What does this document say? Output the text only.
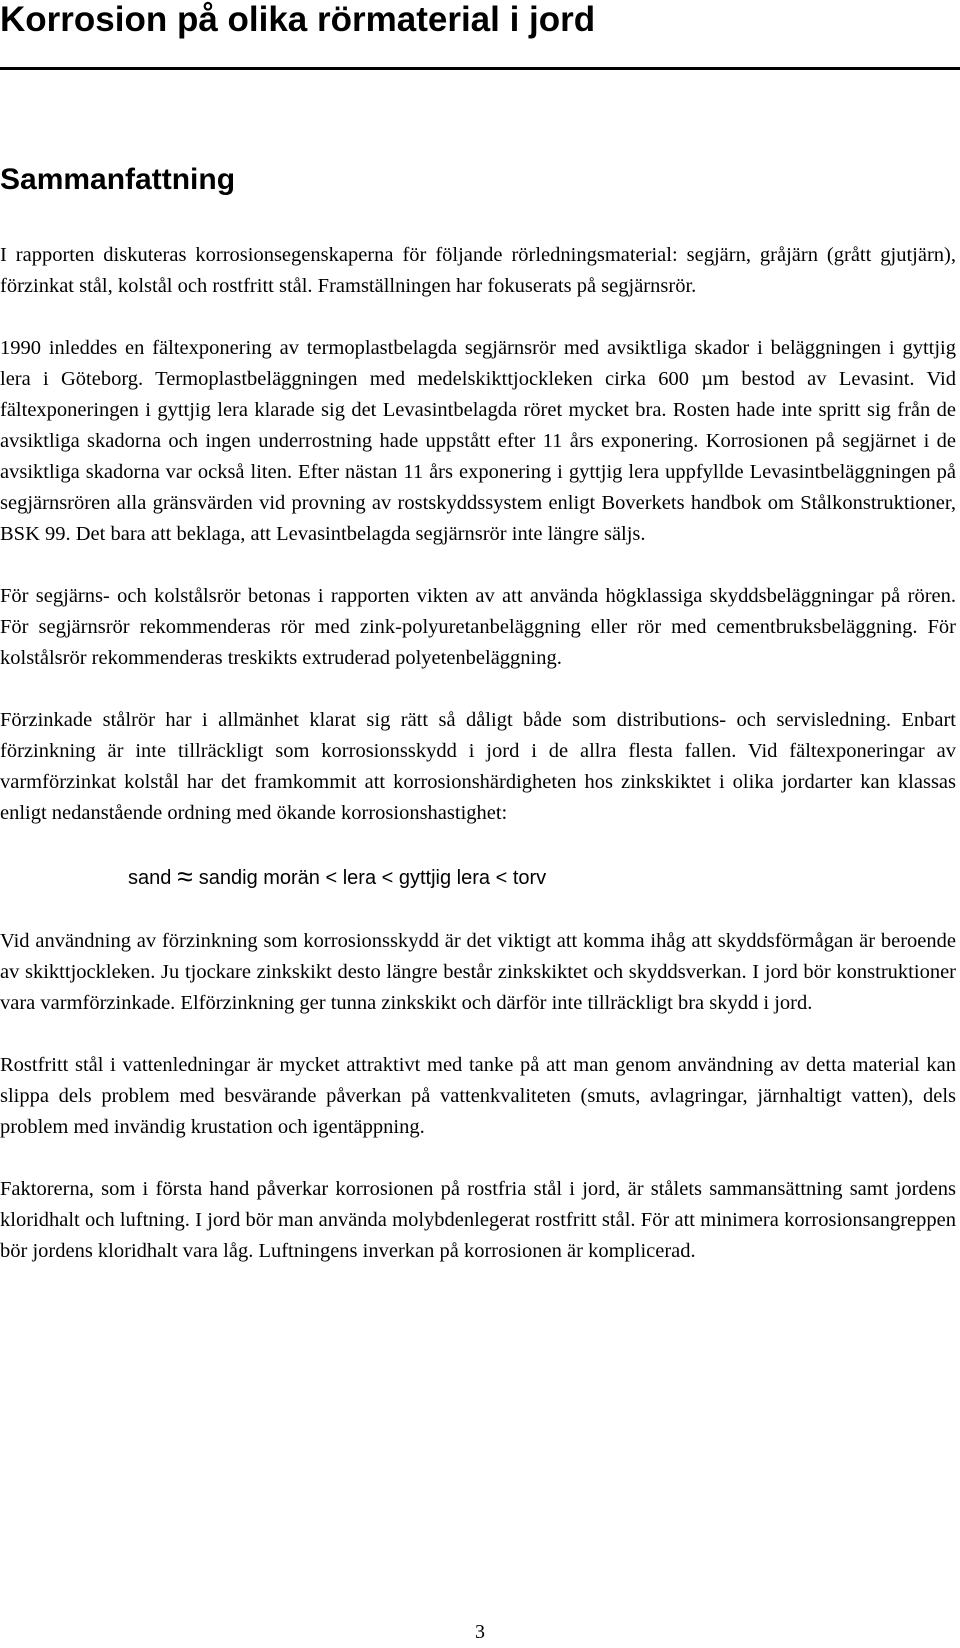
Korrosion på olika rörmaterial i jord
Sammanfattning

I rapporten diskuteras korrosionsegenskaperna för följande rörledningsmaterial: segjärn, gråjärn (grått gjutjärn), förzinkat stål, kolstål och rostfritt stål. Framställningen har fokuserats på segjärnsrör.

1990 inleddes en fältexponering av termoplastbelagda segjärnsrör med avsiktliga skador i beläggningen i gyttjig lera i Göteborg. Termoplastbeläggningen med medelskikttjockleken cirka 600 µm bestod av Levasint. Vid fältexponeringen i gyttjig lera klarade sig det Levasintbelagda röret mycket bra. Rosten hade inte spritt sig från de avsiktliga skadorna och ingen underrostning hade uppstått efter 11 års exponering. Korrosionen på segjärnet i de avsiktliga skadorna var också liten. Efter nästan 11 års exponering i gyttjig lera uppfyllde Levasintbeläggningen på segjärnsrören alla gränsvärden vid provning av rostskyddssystem enligt Boverkets handbok om Stålkonstruktioner, BSK 99. Det bara att beklaga, att Levasintbelagda segjärnsrör inte längre säljs.

För segjärns- och kolstålsrör betonas i rapporten vikten av att använda högklassiga skyddsbeläggningar på rören. För segjärnsrör rekommenderas rör med zink-polyuretanbeläggning eller rör med cementbruksbeläggning. För kolstålsrör rekommenderas treskikts extruderad polyetenbeläggning.

Förzinkade stålrör har i allmänhet klarat sig rätt så dåligt både som distributions- och servisledning. Enbart förzinkning är inte tillräckligt som korrosionsskydd i jord i de allra flesta fallen. Vid fältexponeringar av varmförzinkat kolstål har det framkommit att korrosionshärdigheten hos zinkskiktet i olika jordarter kan klassas enligt nedanstående ordning med ökande korrosionshastighet:

sand ≈ sandig morän < lera < gyttjig lera < torv

Vid användning av förzinkning som korrosionsskydd är det viktigt att komma ihåg att skyddsförmågan är beroende av skikttjockleken. Ju tjockare zinkskikt desto längre består zinkskiktet och skyddsverkan. I jord bör konstruktioner vara varmförzinkade. Elförzinkning ger tunna zinkskikt och därför inte tillräckligt bra skydd i jord.

Rostfritt stål i vattenledningar är mycket attraktivt med tanke på att man genom användning av detta material kan slippa dels problem med besvärande påverkan på vattenkvaliteten (smuts, avlagringar, järnhaltigt vatten), dels problem med invändig krustation och igentäppning.

Faktorerna, som i första hand påverkar korrosionen på rostfria stål i jord, är stålets sammansättning samt jordens kloridhalt och luftning. I jord bör man använda molybdenlegerat rostfritt stål. För att minimera korrosionsangreppen bör jordens kloridhalt vara låg. Luftningens inverkan på korrosionen är komplicerad.

3
